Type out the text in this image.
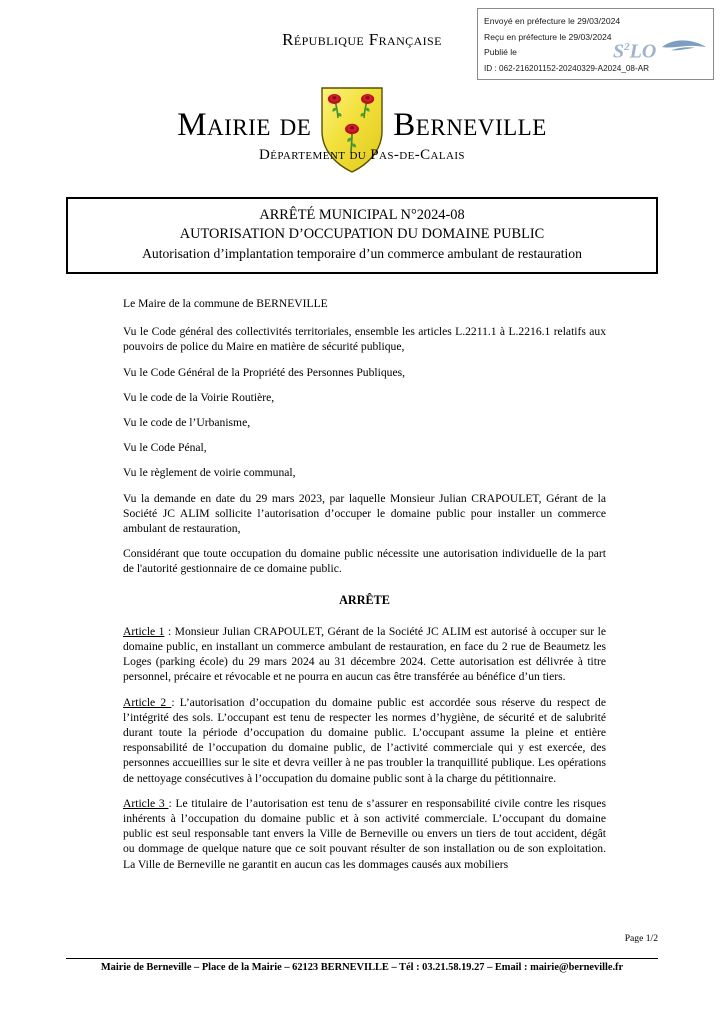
Envoyé en préfecture le 29/03/2024
Reçu en préfecture le 29/03/2024
Publié le
ID : 062-216201152-20240329-A2024_08-AR
$S^2LO$
République Française
Mairie de Berneville
Département du Pas-de-Calais
ARRÊTÉ MUNICIPAL N°2024-08
AUTORISATION D’OCCUPATION DU DOMAINE PUBLIC
Autorisation d’implantation temporaire d’un commerce ambulant de restauration

Le Maire de la commune de BERNEVILLE

Vu le Code général des collectivités territoriales, ensemble les articles L.2211.1 à L.2216.1 relatifs aux pouvoirs de police du Maire en matière de sécurité publique,

Vu le Code Général de la Propriété des Personnes Publiques,

Vu le code de la Voirie Routière,

Vu le code de l’Urbanisme,

Vu le Code Pénal,

Vu le règlement de voirie communal,

Vu la demande en date du 29 mars 2023, par laquelle Monsieur Julian CRAPOULET, Gérant de la Société JC ALIM sollicite l’autorisation d’occuper le domaine public pour installer un commerce ambulant de restauration,

Considérant que toute occupation du domaine public nécessite une autorisation individuelle de la part de l'autorité gestionnaire de ce domaine public.

ARRÊTE

Article 1 : Monsieur Julian CRAPOULET, Gérant de la Société JC ALIM est autorisé à occuper sur le domaine public, en installant un commerce ambulant de restauration, en face du 2 rue de Beaumetz les Loges (parking école) du 29 mars 2024 au 31 décembre 2024. Cette autorisation est délivrée à titre personnel, précaire et révocable et ne pourra en aucun cas être transférée au bénéfice d’un tiers.

Article 2 : L’autorisation d’occupation du domaine public est accordée sous réserve du respect de l’intégrité des sols. L’occupant est tenu de respecter les normes d’hygiène, de sécurité et de salubrité durant toute la période d’occupation du domaine public. L’occupant assume la pleine et entière responsabilité de l’occupation du domaine public, de l’activité commerciale qui y est exercée, des personnes accueillies sur le site et devra veiller à ne pas troubler la tranquillité publique. Les opérations de nettoyage consécutives à l’occupation du domaine public sont à la charge du pétitionnaire.

Article 3 : Le titulaire de l’autorisation est tenu de s’assurer en responsabilité civile contre les risques inhérents à l’occupation du domaine public et à son activité commerciale. L’occupant du domaine public est seul responsable tant envers la Ville de Berneville ou envers un tiers de tout accident, dégât ou dommage de quelque nature que ce soit pouvant résulter de son installation ou de son exploitation. La Ville de Berneville ne garantit en aucun cas les dommages causés aux mobiliers

Page 1/2
Mairie de Berneville – Place de la Mairie – 62123 BERNEVILLE – Tél : 03.21.58.19.27 – Email : mairie@berneville.fr
